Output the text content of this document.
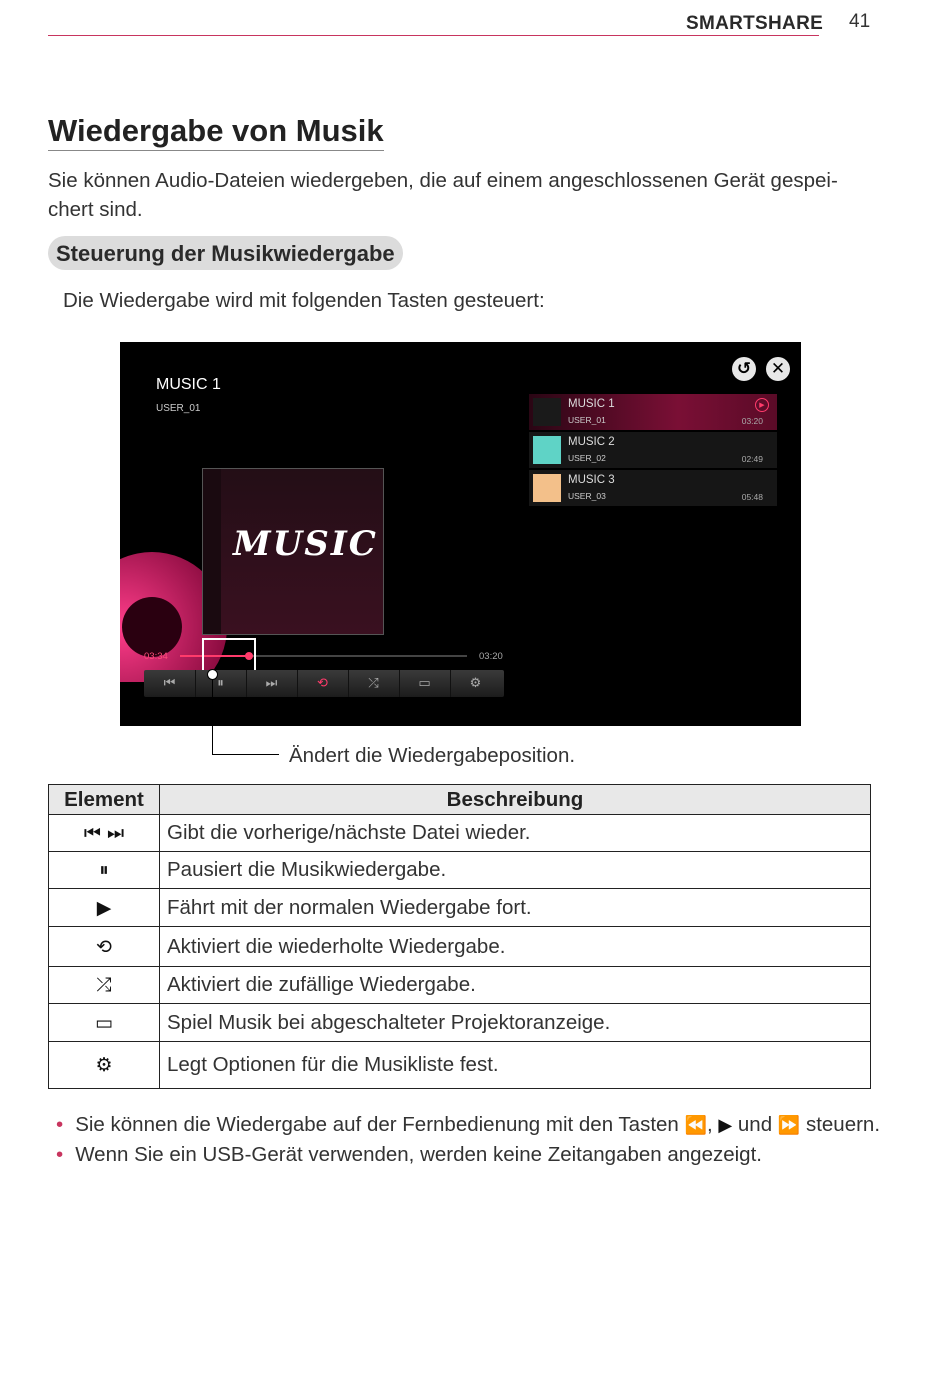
SMARTSHARE 41
Wiedergabe von Musik
Sie können Audio-Dateien wiedergeben, die auf einem angeschlossenen Gerät gespei-chert sind.
Steuerung der Musikwiedergabe
Die Wiedergabe wird mit folgenden Tasten gesteuert:
MUSIC
MUSIC 1
USER_01
↺ ✕
MUSIC 1
USER_01	03:20
▶
MUSIC 2
USER_02	02:49
MUSIC 3
USER_03	05:48
03:34	03:20
⏮	⏸	⏭	⟲	⤮	▭	⚙
Ändert die Wiedergabeposition.
Element	Beschreibung
⏮ ⏭	Gibt die vorherige/nächste Datei wieder.
⏸	Pausiert die Musikwiedergabe.
▶	Fährt mit der normalen Wiedergabe fort.
⟲	Aktiviert die wiederholte Wiedergabe.
⤮	Aktiviert die zufällige Wiedergabe.
▭	Spiel Musik bei abgeschalteter Projektoranzeige.
⚙	Legt Optionen für die Musikliste fest.
• Sie können die Wiedergabe auf der Fernbedienung mit den Tasten ⏪, ▶ und ⏩ steuern.
• Wenn Sie ein USB-Gerät verwenden, werden keine Zeitangaben angezeigt.
